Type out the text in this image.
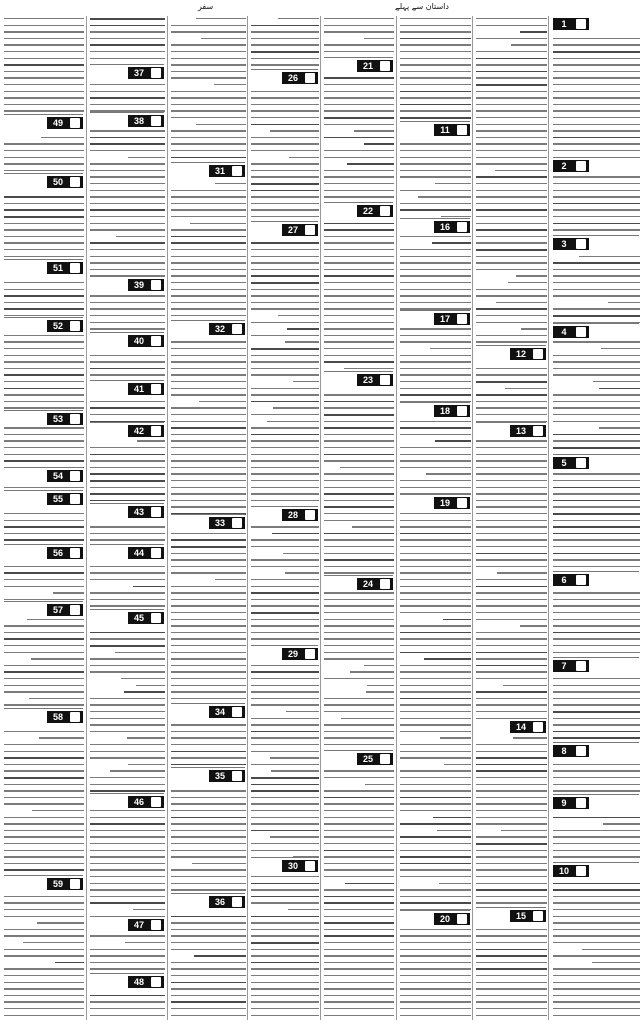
سفر	داستان سے پہلے
49
50
51
52
53
54
55
56
57
58
59
37
38
39
40
41
42
43
44
45
46
47
48
31
32
33
34
35
36
26
27
28
29
30
21
22
23
24
25
11
16
17
18
19
20
1
2
3
4
5
6
7
8
9
10
12
13
14
15
